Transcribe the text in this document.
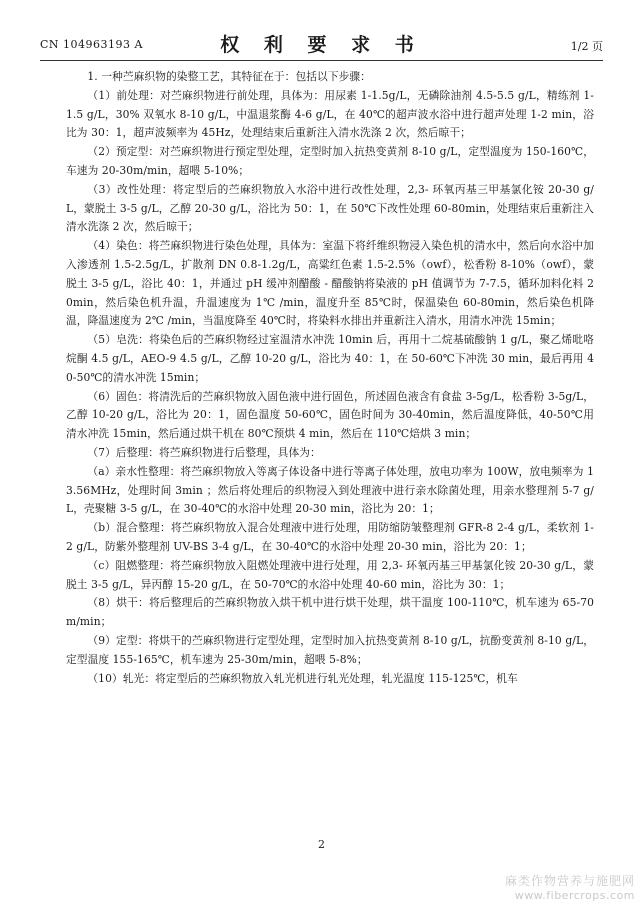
CN 104963193 A	权 利 要 求 书	1/2 页

1. 一种苎麻织物的染整工艺，其特征在于：包括以下步骤：

（1）前处理：对苎麻织物进行前处理，具体为：用尿素 1-1.5g/L，无磷除油剂 4.5-5.5 g/L，精练剂 1-1.5 g/L，30% 双氧水 8-10 g/L，中温退浆酶 4-6 g/L，在 40℃的超声波水浴中进行超声处理 1-2 min，浴比为 30：1，超声波频率为 45Hz，处理结束后重新注入清水洗涤 2 次，然后晾干；

（2）预定型：对苎麻织物进行预定型处理，定型时加入抗热变黄剂 8-10 g/L，定型温度为 150-160℃，车速为 20-30m/min，超喂 5-10%；

（3）改性处理：将定型后的苎麻织物放入水浴中进行改性处理，2,3- 环氧丙基三甲基氯化铵 20-30 g/L，蒙脱土 3-5 g/L，乙醇 20-30 g/L，浴比为 50：1，在 50℃下改性处理 60-80min，处理结束后重新注入清水洗涤 2 次，然后晾干；

（4）染色：将苎麻织物进行染色处理，具体为：室温下将纤维织物浸入染色机的清水中，然后向水浴中加入渗透剂 1.5-2.5g/L，扩散剂 DN 0.8-1.2g/L，高粱红色素 1.5-2.5%（owf），松香粉 8-10%（owf），蒙脱土 3-5 g/L，浴比 40：1，并通过 pH 缓冲剂醋酸 - 醋酸钠将染液的 pH 值调节为 7-7.5，循环加料化料 20min，然后染色机升温，升温速度为 1℃ /min，温度升至 85℃时，保温染色 60-80min，然后染色机降温，降温速度为 2℃ /min，当温度降至 40℃时，将染料水排出并重新注入清水，用清水冲洗 15min；

（5）皂洗：将染色后的苎麻织物经过室温清水冲洗 10min 后，再用十二烷基硫酸钠 1 g/L，聚乙烯吡咯烷酮 4.5 g/L，AEO-9 4.5 g/L，乙醇 10-20 g/L，浴比为 40：1，在 50-60℃下冲洗 30 min，最后再用 40-50℃的清水冲洗 15min；

（6）固色：将清洗后的苎麻织物放入固色液中进行固色，所述固色液含有食盐 3-5g/L，松香粉 3-5g/L，乙醇 10-20 g/L，浴比为 20：1，固色温度 50-60℃，固色时间为 30-40min，然后温度降低，40-50℃用清水冲洗 15min，然后通过烘干机在 80℃预烘 4 min，然后在 110℃焙烘 3 min；

（7）后整理：将苎麻织物进行后整理，具体为：

（a）亲水性整理：将苎麻织物放入等离子体设备中进行等离子体处理，放电功率为 100W，放电频率为 13.56MHz，处理时间 3min ；然后将处理后的织物浸入到处理液中进行亲水除菌处理，用亲水整理剂 5-7 g/L，壳聚糖 3-5 g/L，在 30-40℃的水浴中处理 20-30 min，浴比为 20：1；

（b）混合整理：将苎麻织物放入混合处理液中进行处理，用防缩防皱整理剂 GFR-8 2-4 g/L，柔软剂 1-2 g/L，防紫外整理剂 UV-BS 3-4 g/L，在 30-40℃的水浴中处理 20-30 min，浴比为 20：1；

（c）阻燃整理：将苎麻织物放入阻燃处理液中进行处理，用 2,3- 环氧丙基三甲基氯化铵 20-30 g/L，蒙脱土 3-5 g/L，异丙醇 15-20 g/L，在 50-70℃的水浴中处理 40-60 min，浴比为 30：1；

（8）烘干：将后整理后的苎麻织物放入烘干机中进行烘干处理，烘干温度 100-110℃，机车速为 65-70m/min；

（9）定型：将烘干的苎麻织物进行定型处理，定型时加入抗热变黄剂 8-10 g/L，抗酚变黄剂 8-10 g/L，定型温度 155-165℃，机车速为 25-30m/min，超喂 5-8%；

（10）轧光：将定型后的苎麻织物放入轧光机进行轧光处理，轧光温度 115-125℃，机车

2
麻类作物营养与施肥网
www.fibercrops.com
